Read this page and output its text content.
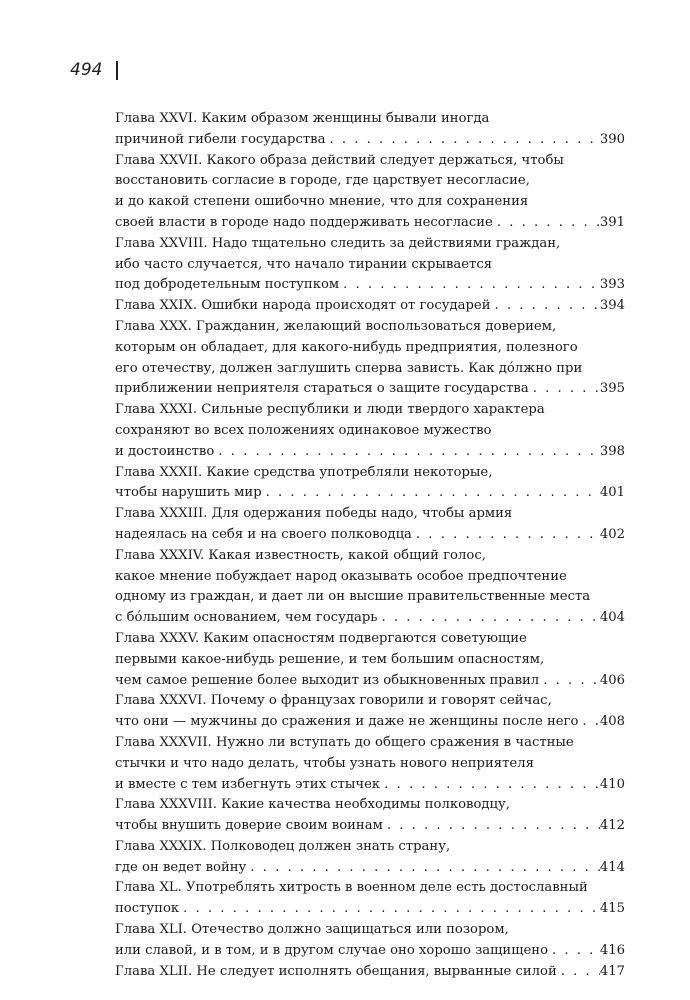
494
Глава XXVI. Каким образом женщины бывали иногда
причиной гибели государства . . .	390
Глава XXVII. Какого образа действий следует держаться, чтобы
восстановить согласие в городе, где царствует несогласие,
и до какой степени ошибочно мнение, что для сохранения
своей власти в городе надо поддерживать несогласие . . .	391
Глава XXVIII. Надо тщательно следить за действиями граждан,
ибо часто случается, что начало тирании скрывается
под добродетельным поступком . . .	393
Глава XXIX. Ошибки народа происходят от государей . . .	394
Глава XXX. Гражданин, желающий воспользоваться доверием,
которым он обладает, для какого-нибудь предприятия, полезного
его отечеству, должен заглушить сперва зависть. Как дóлжно при
приближении неприятеля стараться о защите государства . . .	395
Глава XXXI. Сильные республики и люди твердого характера
сохраняют во всех положениях одинаковое мужество
и достоинство . . .	398
Глава XXXII. Какие средства употребляли некоторые,
чтобы нарушить мир . . .	401
Глава XXXIII. Для одержания победы надо, чтобы армия
надеялась на себя и на своего полководца . . .	402
Глава XXXIV. Какая известность, какой общий голос,
какое мнение побуждает народ оказывать особое предпочтение
одному из граждан, и дает ли он высшие правительственные места
с бóльшим основанием, чем государь . . .	404
Глава XXXV. Каким опасностям подвергаются советующие
первыми какое-нибудь решение, и тем большим опасностям,
чем самое решение более выходит из обыкновенных правил . . .	406
Глава XXXVI. Почему о французах говорили и говорят сейчас,
что они — мужчины до сражения и даже не женщины после него . . . 408
Глава XXXVII. Нужно ли вступать до общего сражения в частные
стычки и что надо делать, чтобы узнать нового неприятеля
и вместе с тем избегнуть этих стычек . . .	410
Глава XXXVIII. Какие качества необходимы полководцу,
чтобы внушить доверие своим воинам . . .	412
Глава XXXIX. Полководец должен знать страну,
где он ведет войну . . .	414
Глава XL. Употреблять хитрость в военном деле есть достославный
поступок . . .	415
Глава XLI. Отечество должно защищаться или позором,
или славой, и в том, и в другом случае оно хорошо защищено . . .	416
Глава XLII. Не следует исполнять обещания, вырванные силой . . .	417
